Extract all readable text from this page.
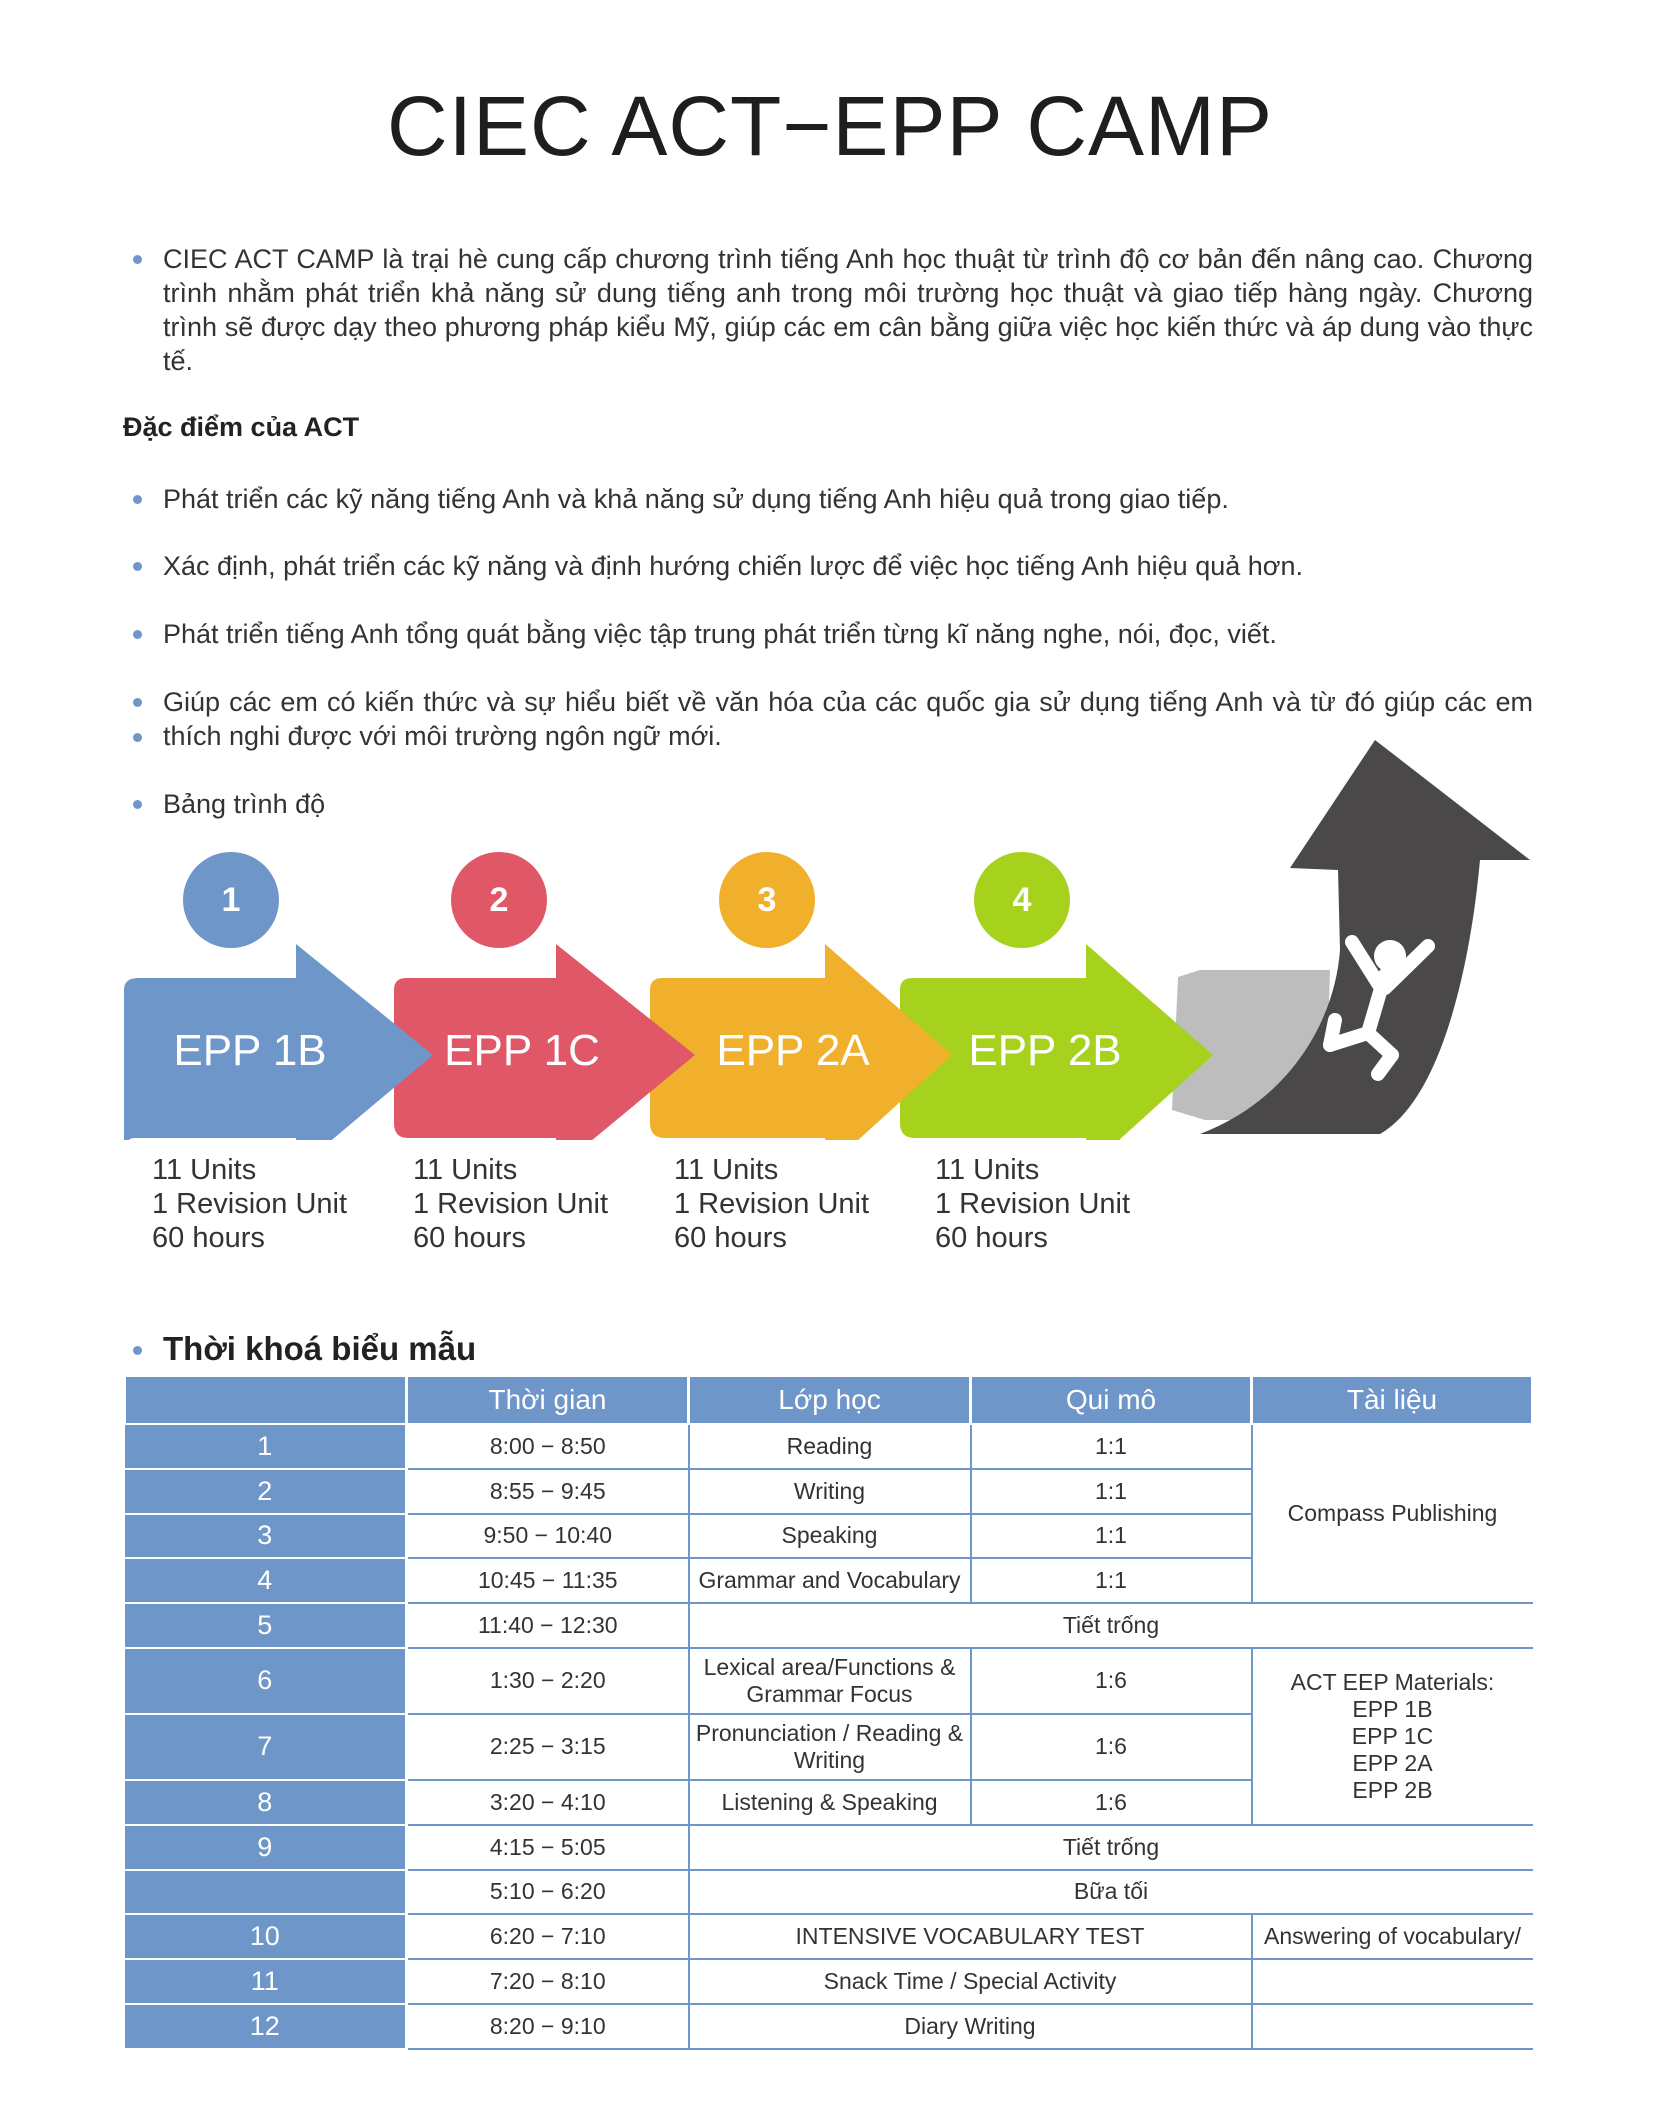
CIEC ACT−EPP CAMP
CIEC ACT CAMP là trại hè cung cấp chương trình tiếng Anh học thuật từ trình độ cơ bản đến nâng cao. Chương trình nhằm phát triển khả năng sử dung tiếng anh trong môi trường học thuật và giao tiếp hàng ngày. Chương trình sẽ được dạy theo phương pháp kiểu Mỹ, giúp các em cân bằng giữa việc học kiến thức và áp dung vào thực tế.
Đặc điểm của ACT
Phát triển các kỹ năng tiếng Anh và khả năng sử dụng tiếng Anh hiệu quả trong giao tiếp.
Xác định, phát triển các kỹ năng và định hướng chiến lược để việc học tiếng Anh hiệu quả hơn.
Phát triển tiếng Anh tổng quát bằng việc tập trung phát triển từng kĩ năng nghe, nói, đọc, viết.
Giúp các em có kiến thức và sự hiểu biết về văn hóa của các quốc gia sử dụng tiếng Anh và từ đó giúp các em thích nghi được với môi trường ngôn ngữ mới.
Bảng trình độ
1	2	3	4
EPP 1B	EPP 1C	EPP 2A	EPP 2B
11 Units
1 Revision Unit
60 hours
11 Units
1 Revision Unit
60 hours
11 Units
1 Revision Unit
60 hours
11 Units
1 Revision Unit
60 hours
Thời khoá biểu mẫu
	Thời gian	Lớp học	Qui mô	Tài liệu
1	8:00 − 8:50	Reading	1:1	Compass Publishing
2	8:55 − 9:45	Writing	1:1	
3	9:50 − 10:40	Speaking	1:1	
4	10:45 − 11:35	Grammar and Vocabulary	1:1	
5	11:40 − 12:30	Tiết trống		
6	1:30 − 2:20	Lexical area/Functions & Grammar Focus	1:6	ACT EEP Materials:
EPP 1B
EPP 1C
EPP 2A
EPP 2B

7	2:25 − 3:15	Pronunciation / Reading & Writing	1:6	
8	3:20 − 4:10	Listening & Speaking	1:6	
9	4:15 − 5:05	Tiết trống		
	5:10 − 6:20	Bữa tối		
10	6:20 − 7:10	INTENSIVE VOCABULARY TEST		Answering of vocabulary/
11	7:20 − 8:10	Snack Time / Special Activity		
12	8:20 − 9:10	Diary Writing		
